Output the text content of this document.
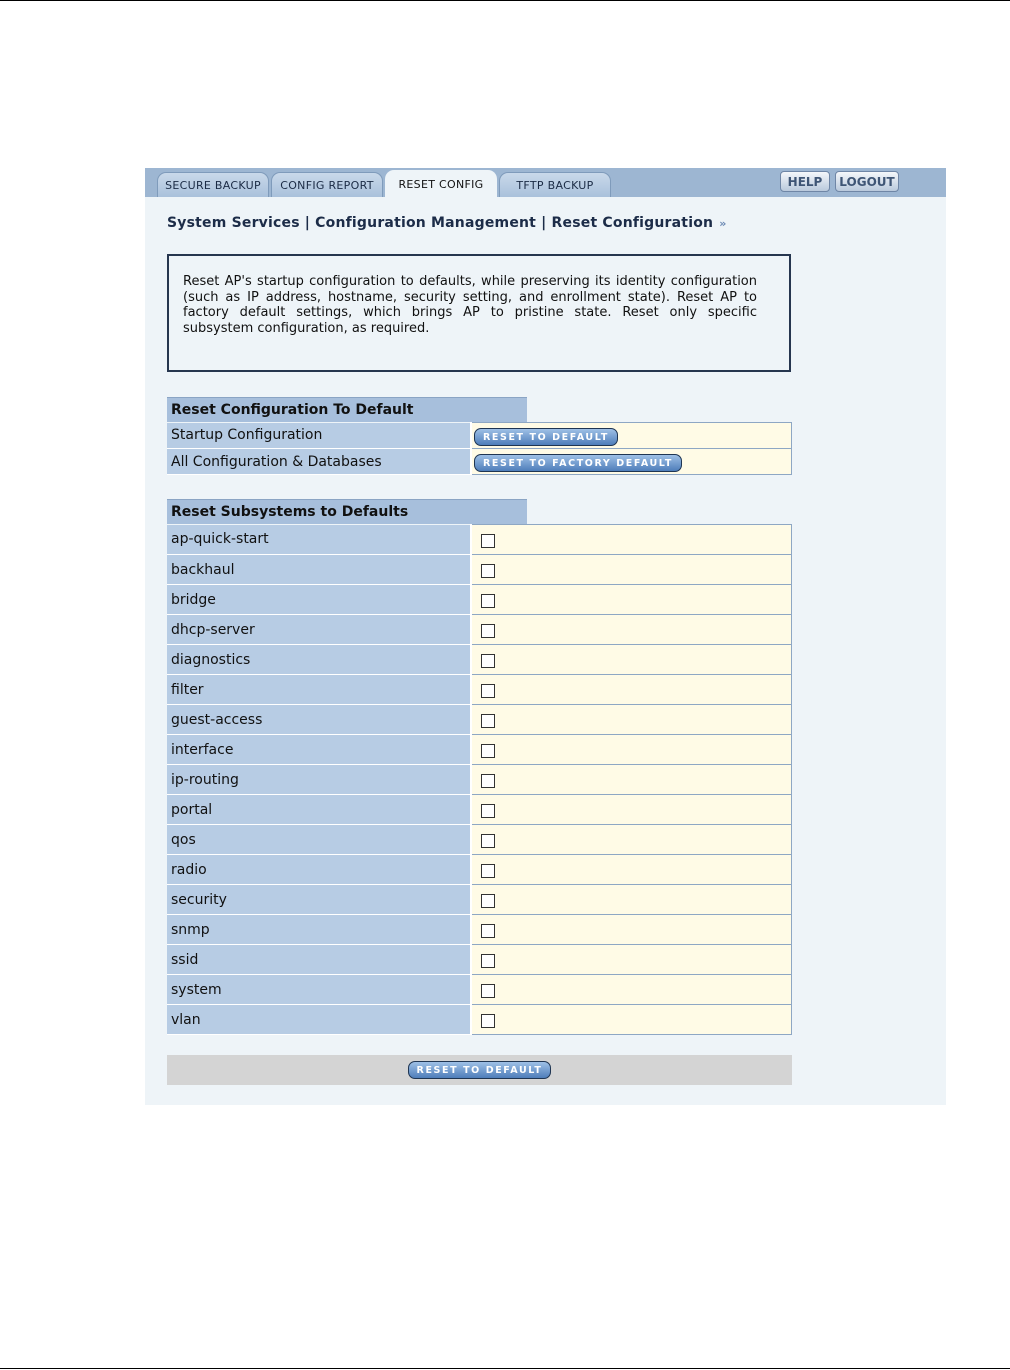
SECURE BACKUP	CONFIG REPORT	RESET CONFIG	TFTP BACKUP	HELP	LOGOUT
System Services | Configuration Management | Reset Configuration »
Reset AP's startup configuration to defaults, while preserving its identity configuration (such as IP address, hostname, security setting, and enrollment state). Reset AP to factory default settings, which brings AP to pristine state. Reset only specific subsystem configuration, as required.
Reset Configuration To Default
Startup Configuration	RESET TO DEFAULT
All Configuration & Databases	RESET TO FACTORY DEFAULT
Reset Subsystems to Defaults
ap-quick-start	
backhaul	
bridge	
dhcp-server	
diagnostics	
filter	
guest-access	
interface	
ip-routing	
portal	
qos	
radio	
security	
snmp	
ssid	
system	
vlan	
RESET TO DEFAULT
